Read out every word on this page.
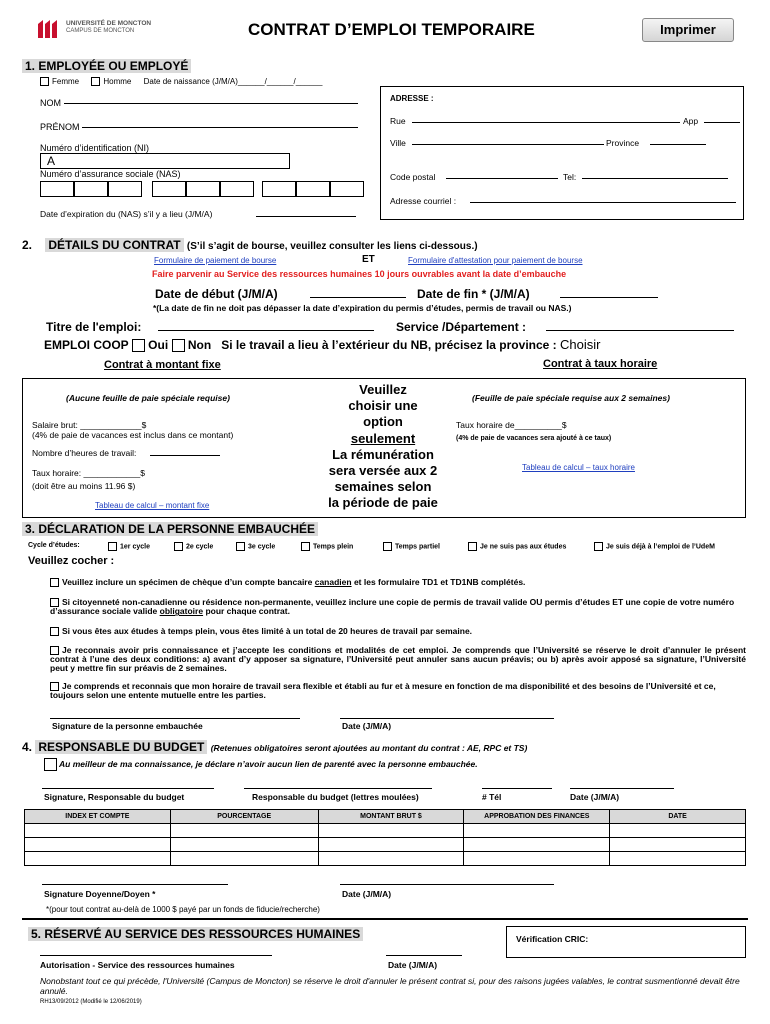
UNIVERSITÉ DE MONCTON
CAMPUS DE MONCTON	CONTRAT D’EMPLOI TEMPORAIRE	Imprimer
1. EMPLOYÉE OU EMPLOYÉ
Femme	Homme Date de naissance (J/M/A)______/______/______
NOM
PRÉNOM
Numéro d’identification (NI)
A
Numéro d’assurance sociale (NAS)
Date d’expiration du (NAS) s’il y a lieu (J/M/A)
ADRESSE :
Rue	App
Ville	Province
Code postal	Tel:
Adresse courriel :
2. DÉTAILS DU CONTRAT (S’il s’agit de bourse, veuillez consulter les liens ci-dessous.)
Formulaire de paiement de bourse	ET	Formulaire d'attestation pour paiement de bourse
Faire parvenir au Service des ressources humaines 10 jours ouvrables avant la date d’embauche
Date de début (J/M/A)	Date de fin * (J/M/A)
*(La date de fin ne doit pas dépasser la date d’expiration du permis d’études, permis de travail ou NAS.)
Titre de l'emploi:	Service /Département :
EMPLOI COOP Oui Non Si le travail a lieu à l’extérieur du NB, précisez la province : Choisir
Contrat à montant fixe	Contrat à taux horaire
(Aucune feuille de paie spéciale requise)
Salaire brut: _____________$
(4% de paie de vacances est inclus dans ce montant)
Nombre d’heures de travail:
Taux horaire: ____________$
(doit être au moins 11.96 $)
Tableau de calcul – montant fixe
Veuillez
choisir une
option
seulement
La rémunération
sera versée aux 2
semaines selon
la période de paie
(Feuille de paie spéciale requise aux 2 semaines)
Taux horaire de__________$
(4% de paie de vacances sera ajouté à ce taux)
Tableau de calcul – taux horaire
3. DÉCLARATION DE LA PERSONNE EMBAUCHÉE
Cycle d’études:	1er cycle	2e cycle	3e cycle	Temps plein	Temps partiel	Je ne suis pas aux études	Je suis déjà à l’emploi de l’UdeM
Veuillez cocher :
Veuillez inclure un spécimen de chèque d’un compte bancaire canadien et les formulaire TD1 et TD1NB complétés.
Si citoyenneté non-canadienne ou résidence non-permanente, veuillez inclure une copie de permis de travail valide OU permis d’études ET une copie de votre numéro d’assurance sociale valide obligatoire pour chaque contrat.
Si vous êtes aux études à temps plein, vous êtes limité à un total de 20 heures de travail par semaine.
Je reconnais avoir pris connaissance et j’accepte les conditions et modalités de cet emploi. Je comprends que l’Université se réserve le droit d’annuler le présent contrat à l’une des deux conditions: a) avant d’y apposer sa signature, l’Université peut annuler sans aucun préavis; ou b) après avoir apposé sa signature, l’Université peut y mettre fin sur préavis de 2 semaines.
Je comprends et reconnais que mon horaire de travail sera flexible et établi au fur et à mesure en fonction de ma disponibilité et des besoins de l’Université et ce, toujours selon une entente mutuelle entre les parties.
Signature de la personne embauchée	Date (J/M/A)
4. RESPONSABLE DU BUDGET (Retenues obligatoires seront ajoutées au montant du contrat : AE, RPC et TS)
Au meilleur de ma connaissance, je déclare n’avoir aucun lien de parenté avec la personne embauchée.
Signature, Responsable du budget	Responsable du budget (lettres moulées)	# Tél	Date (J/M/A)
INDEX ET COMPTE	POURCENTAGE	MONTANT BRUT $	APPROBATION DES FINANCES	DATE

Signature Doyenne/Doyen *	Date (J/M/A)
*(pour tout contrat au-delà de 1000 $ payé par un fonds de fiducie/recherche)
5. RÉSERVÉ AU SERVICE DES RESSOURCES HUMAINES	Vérification CRIC:
Autorisation - Service des ressources humaines	Date (J/M/A)
Nonobstant tout ce qui précède, l'Université (Campus de Moncton) se réserve le droit d'annuler le présent contrat si, pour des raisons jugées valables, le contrat susmentionné devait être annulé.
RH13/09/2012 (Modifié le 12/06/2019)
